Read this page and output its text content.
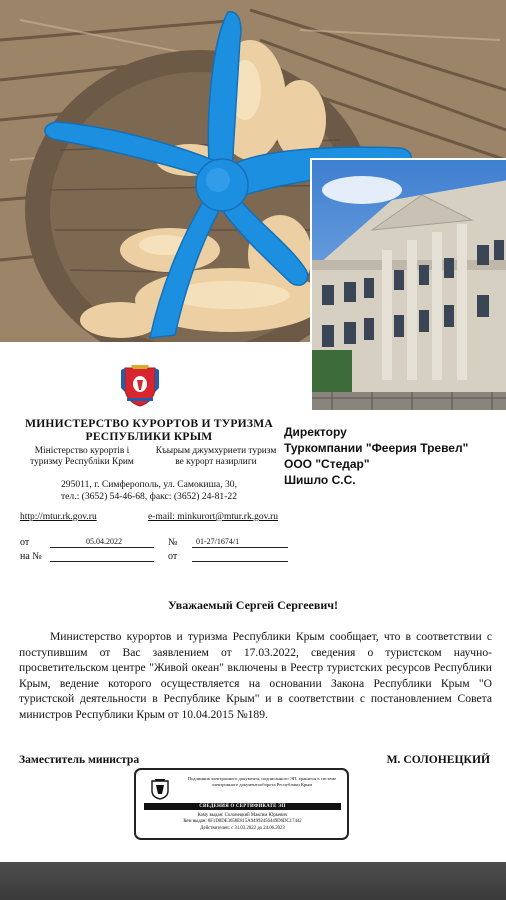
МИНИСТЕРСТВО КУРОРТОВ И ТУРИЗМА РЕСПУБЛИКИ КРЫМ
Міністерство курортів і туризму Республіки Крим
Къырым джумхуриети туризм ве курорт назирлиги
295011, г. Симферополь, ул. Самокиша, 30,
тел.: (3652) 54-46-68, факс: (3652) 24-81-22
http://mtur.rk.gov.ru	e-mail: minkurort@mtur.rk.gov.ru
от	05.04.2022	№	01-27/1674/1
на №	от
Директору
Туркомпании "Феерия Тревел"
ООО "Стедар"
Шишло С.С.
Уважаемый Сергей Сергеевич!
Министерство курортов и туризма Республики Крым сообщает, что в соответствии с поступившим от Вас заявлением от 17.03.2022, сведения о туристском научно-просветительском центре "Живой океан" включены в Реестр туристских ресурсов Республики Крым, ведение которого осуществляется на основании Закона Республики Крым "О туристской деятельности в Республике Крым" и в соответствии с постановлением Совета министров Республики Крым от 10.04.2015 №189.
Заместитель министра	М. СОЛОНЕЦКИЙ
Подлинник электронного документа, подписанного ЭП, хранится в системе электронного документооборота Республики Крым
СВЕДЕНИЯ О СЕРТИФИКАТЕ ЭП
Кому выдан: Солонецкий Максим Юрьевич
Кем выдан: 8F1D0DE3658E815A94992456449D6DC17442
Действителен: с 31.03.2022 до 24.06.2023
